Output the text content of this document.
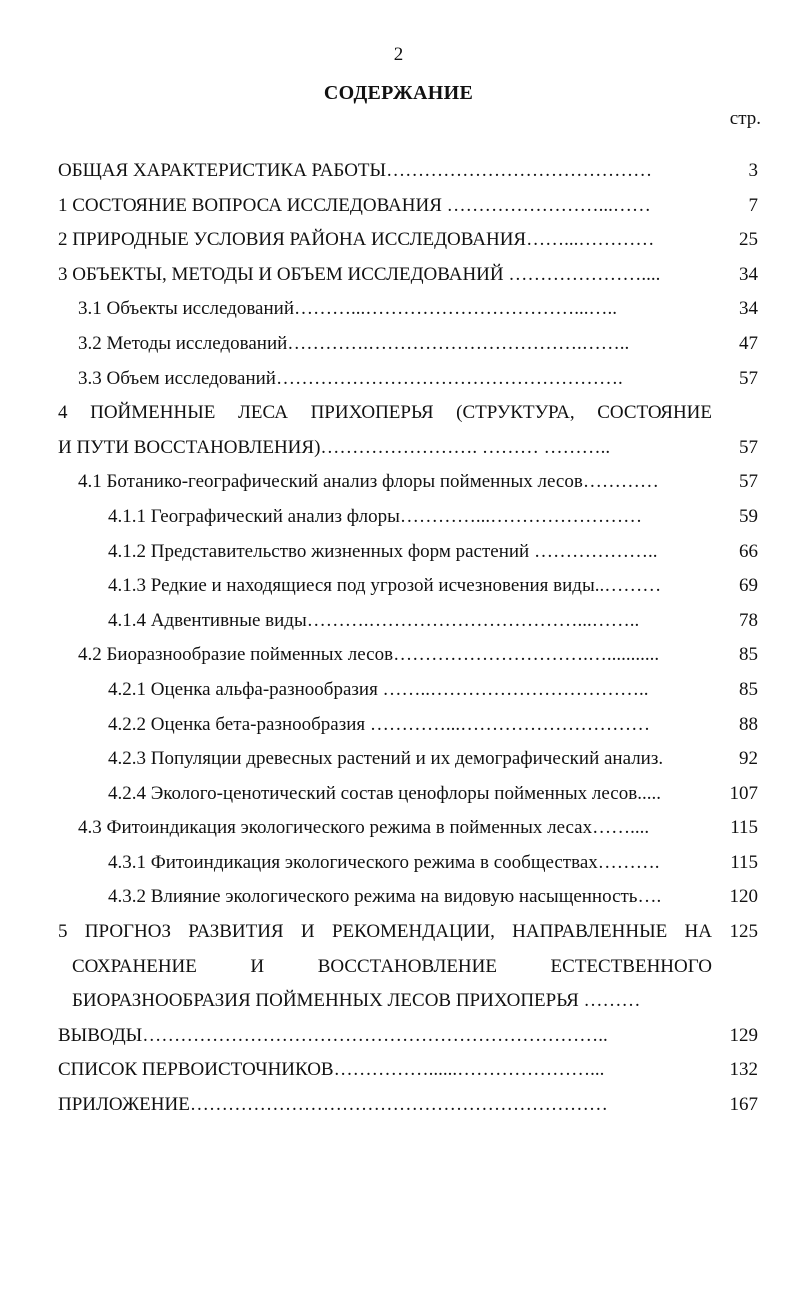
2
СОДЕРЖАНИЕ
стр.
ОБЩАЯ ХАРАКТЕРИСТИКА РАБОТЫ……………………………………	3
1 СОСТОЯНИЕ ВОПРОСА ИССЛЕДОВАНИЯ ……………………...……	7
2 ПРИРОДНЫЕ УСЛОВИЯ РАЙОНА ИССЛЕДОВАНИЯ……...…………	25
3 ОБЪЕКТЫ, МЕТОДЫ И ОБЪЕМ ИССЛЕДОВАНИЙ …………………....	34
3.1 Объекты исследований………...……………………………...…..	34
3.2 Методы исследований………….…………………………….……..	47
3.3 Объем исследований……………………………………………….	57
4 ПОЙМЕННЫЕ ЛЕСА ПРИХОПЕРЬЯ (СТРУКТУРА, СОСТОЯНИЕ
И ПУТИ ВОССТАНОВЛЕНИЯ)……………………. ……… ………..	57
4.1 Ботанико-географический анализ флоры пойменных лесов…………	57
4.1.1 Географический анализ флоры…………...……………………	59
4.1.2 Представительство жизненных форм растений ………………..	66
4.1.3 Редкие и находящиеся под угрозой исчезновения виды..………	69
4.1.4 Адвентивные виды……….……………………………...……..	78
4.2 Биоразнообразие пойменных лесов………………………….…...........	85
4.2.1 Оценка альфа-разнообразия ……..……………………………..	85
4.2.2 Оценка бета-разнообразия …………...…………………………	88
4.2.3 Популяции древесных растений и их демографический анализ.	92
4.2.4 Эколого-ценотический состав ценофлоры пойменных лесов.....	107
4.3 Фитоиндикация экологического режима в пойменных лесах……....	115
4.3.1 Фитоиндикация экологического режима в сообществах……….	115
4.3.2 Влияние экологического режима на видовую насыщенность….	120
5 ПРОГНОЗ РАЗВИТИЯ И РЕКОМЕНДАЦИИ, НАПРАВЛЕННЫЕ НА 125
СОХРАНЕНИЕ И ВОССТАНОВЛЕНИЕ ЕСТЕСТВЕННОГО
БИОРАЗНООБРАЗИЯ ПОЙМЕННЫХ ЛЕСОВ ПРИХОПЕРЬЯ ………
ВЫВОДЫ………………………………………………………………..	129
СПИСОК ПЕРВОИСТОЧНИКОВ……………......…………………...	132
ПРИЛОЖЕНИЕ…………………………………………………………	167
